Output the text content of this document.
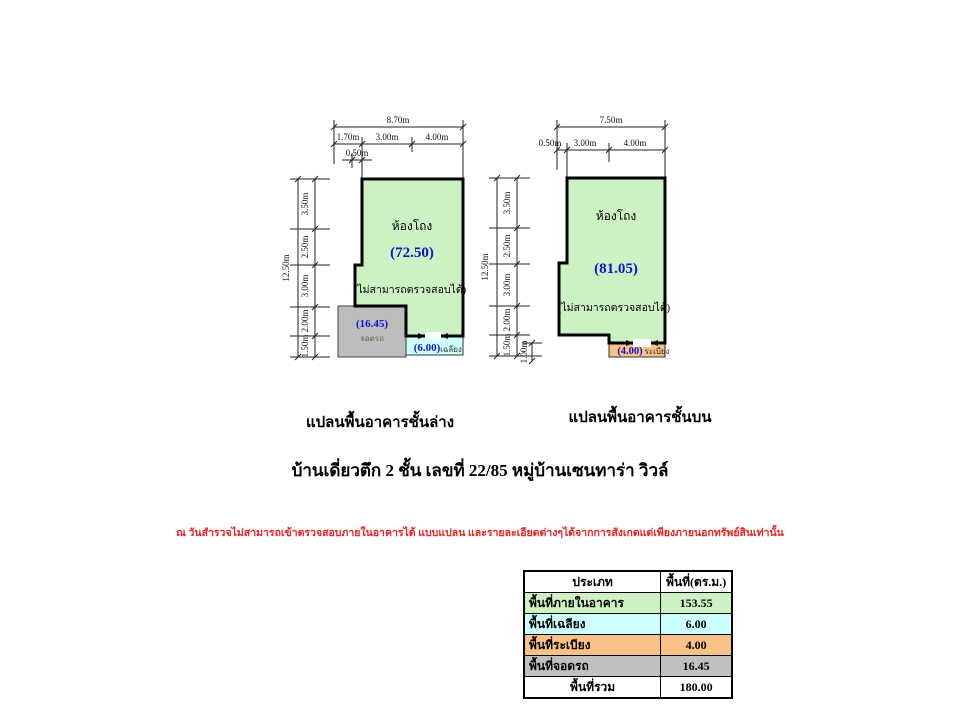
8.70m
1.70m 3.00m	4.00m
0.50m
12.50m
3.50m
2.50m
3.00m
2.00m
1.50m
ห้องโถง
(72.50)
(ไม่สามารถตรวจสอบได้)
(16.45)
จอดรถ
(6.00) เฉลียง
7.50m
0.50m 3.00m	4.00m
12.50m
3.50m
2.50m
3.00m
2.00m
1.50m 1.00m
ห้องโถง
(81.05)
(ไม่สามารถตรวจสอบได้)
(4.00) ระเบียง
แปลนพื้นอาคารชั้นล่าง	แปลนพื้นอาคารชั้นบน
บ้านเดี่ยวตึก 2 ชั้น เลขที่ 22/85 หมู่บ้านเซนทาร่า วิวล์
ณ วันสำรวจไม่สามารถเข้าตรวจสอบภายในอาคารได้ แบบแปลน และรายละเอียดต่างๆได้จากการสังเกตแต่เพียงภายนอกทรัพย์สินเท่านั้น
ประเภท	พื้นที่(ตร.ม.)
พื้นที่ภายในอาคาร	153.55
พื้นที่เฉลียง	6.00
พื้นที่ระเบียง	4.00
พื้นที่จอดรถ	16.45
พื้นที่รวม	180.00
